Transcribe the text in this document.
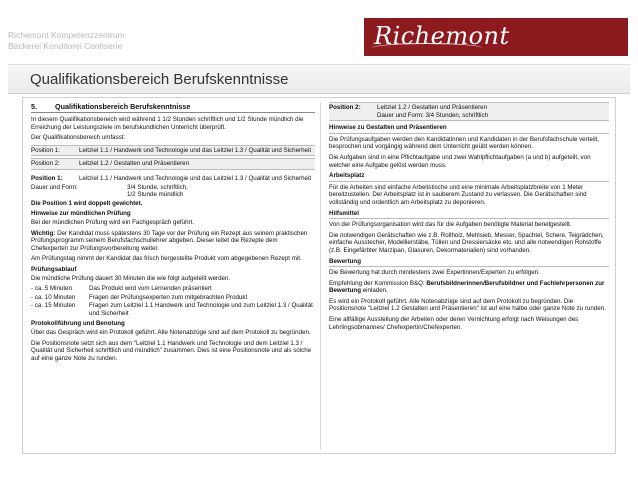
Richemont Kompetenzzentrum
Bäckerei Konditorei Confiserie	Richemont
Qualifikationsbereich Berufskenntnisse
5.	Qualifikationsbereich Berufskenntnisse
In diesem Qualifikationsbereich wird während 1 1/2 Stunden schriftlich und 1/2 Stunde mündlich die Erreichung der Leistungsziele im berufskundlichen Unterricht überprüft.
Der Qualifikationsbereich umfasst:
Position 1:	Leitziel 1.1 / Handwerk und Technologie und das Leitziel 1.3 / Qualität und Sicherheit
Position 2:	Leitziel 1.2 / Gestalten und Präsentieren
Position 1:	Leitziel 1.1 / Handwerk und Technologie und das Leitziel 1.3 / Qualität und Sicherheit
Dauer und Form:	3/4 Stunde, schriftlich,
1/2 Stunde mündlich
Die Position 1 wird doppelt gewichtet.
Hinweise zur mündlichen Prüfung
Bei der mündlichen Prüfung wird ein Fachgespräch geführt.
Wichtig: Der Kandidat muss spätestens 30 Tage vor der Prüfung ein Rezept aus seinem praktischen Prüfungsprogramm seinem Berufsfachschullehrer abgeben. Dieser leitet die Rezepte dem Chefexperten zur Prüfungsvorbereitung weiter.
Am Prüfungstag nimmt der Kandidat das frisch hergestellte Produkt vom abgegebenen Rezept mit.
Prüfungsablauf
Die mündliche Prüfung dauert 30 Minuten die wie folgt aufgeteilt werden.
- ca. 5 Minuten	Das Produkt wird vom Lernenden präsentiert
- ca. 10 Minuten	Fragen der Prüfungsexperten zum mitgebrachten Produkt
- ca. 15 Minuten	Fragen zum Leitziel 1.1 Handwerk und Technologie und zum Leitziel 1.3 / Qualität und Sicherheit
Protokollführung und Benotung
Über das Gespräch wird ein Protokoll geführt. Alle Notenabzüge sind auf dem Protokoll zu begründen.
Die Positionsnote setzt sich aus dem "Leitziel 1.1 Handwerk und Technologie und dem Leitziel 1.3 / Qualität und Sicherheit schriftlich und mündlich" zusammen. Dies ist eine Positionsnote und als solche auf eine ganze Note zu runden.
Position 2:	Leitziel 1.2 / Gestalten und Präsentieren
Dauer und Form: 3/4 Stunden, schriftlich
Hinweise zu Gestalten und Präsentieren
Die Prüfungsaufgaben werden den Kandidatinnen und Kandidaten in der Berufsfachschule verteilt, besprochen und vorgängig während dem Unterricht geübt werden können.
Die Aufgaben sind in eine Pflichtaufgabe und zwei Wahlpflichtaufgaben (a und b) aufgeteilt, von welcher eine Aufgabe gelöst werden muss.
Arbeitsplatz
Für die Arbeiten sind einfache Arbeitstische und eine minimale Arbeitsplatzbreite von 1 Meter bereitzustellen. Der Arbeitsplatz ist in sauberem Zustand zu verlassen. Die Gerätschaften sind vollständig und ordentlich am Arbeitsplatz zu deponieren.
Hilfsmittel
Von der Prüfungsorganisation wird das für die Aufgaben benötigte Material bereitgestellt.
Die notwendigen Gerätschaften wie z.B. Rollholz, Mehlsieb, Messer, Spachtel, Schere, Teigrädchen, einfache Ausstecher, Modellierstäbe, Tüllen und Dressiersäcke etc. und alle notwendigen Rohstoffe (z.B. Eingefärbter Marzipan, Glasuren, Dekormaterialien) sind vorhanden.
Bewertung
Die Bewertung hat durch mindestens zwei Expertinnen/Experten zu erfolgen.
Empfehlung der Kommission B&Q: Berufsbildnerinnen/Berufsbildner und Fachlehrpersonen zur Bewertung einladen.
Es wird ein Protokoll geführt. Alle Notenabzüge sind auf dem Protokoll zu begründen. Die Positionsnote "Leitziel 1.2 Gestalten und Präsentieren" ist auf eine halbe oder ganze Note zu runden.
Eine allfällige Ausstellung der Arbeiten oder deren Vernichtung erfolgt nach Weisungen des Lehrlingsobmannes/ Chefexpertin/Chefexperten.
